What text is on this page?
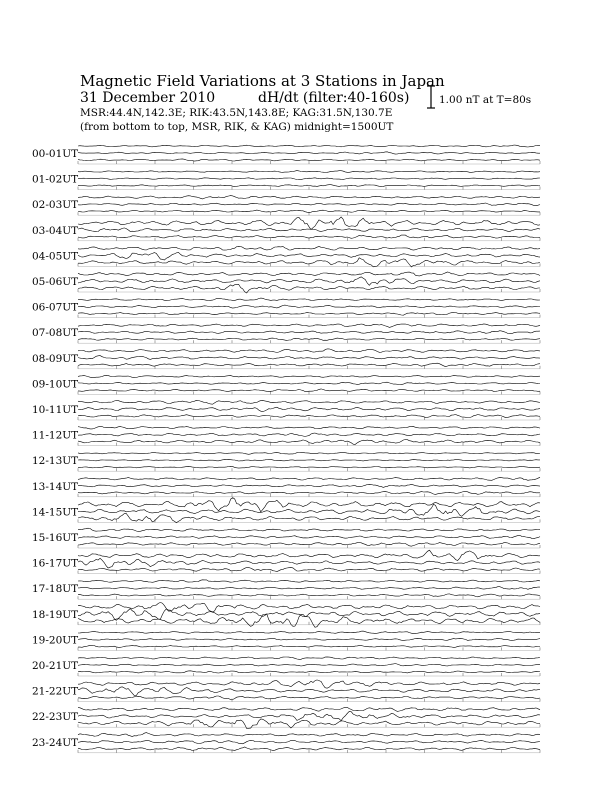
Magnetic Field Variations at 3 Stations in Japan
31 December 2010	dH/dt (filter:40-160s)
MSR:44.4N,142.3E; RIK:43.5N,143.8E; KAG:31.5N,130.7E
(from bottom to top, MSR, RIK, & KAG) midnight=1500UT
1.00 nT at T=80s
00-01UT
01-02UT
02-03UT
03-04UT
04-05UT
05-06UT
06-07UT
07-08UT
08-09UT
09-10UT
10-11UT
11-12UT
12-13UT
13-14UT
14-15UT
15-16UT
16-17UT
17-18UT
18-19UT
19-20UT
20-21UT
21-22UT
22-23UT
23-24UT
